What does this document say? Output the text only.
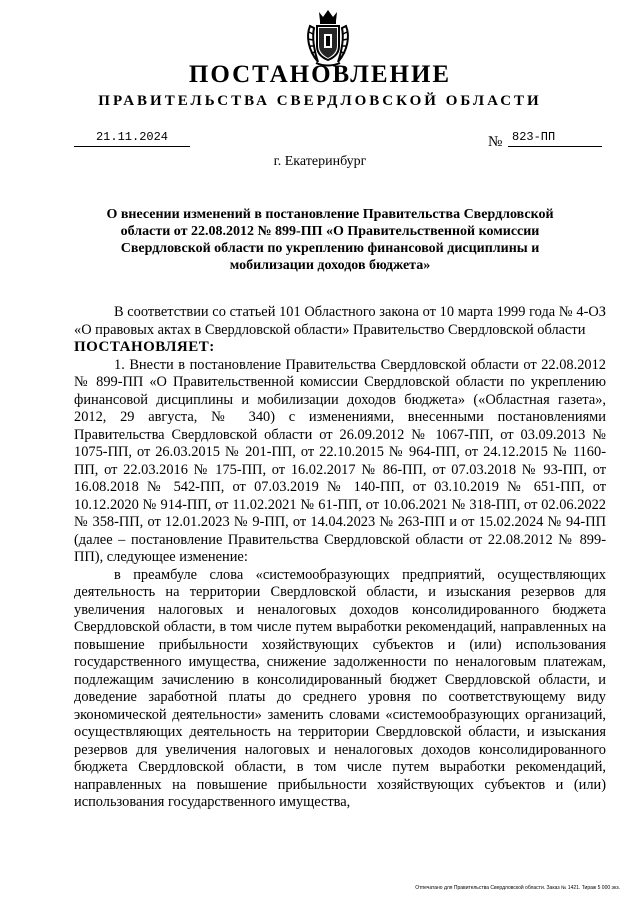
ПОСТАНОВЛЕНИЕ
ПРАВИТЕЛЬСТВА СВЕРДЛОВСКОЙ ОБЛАСТИ
21.11.2024	№ 823-ПП
г. Екатеринбург
О внесении изменений в постановление Правительства Свердловской области от 22.08.2012 № 899-ПП «О Правительственной комиссии Свердловской области по укреплению финансовой дисциплины и мобилизации доходов бюджета»

В соответствии со статьей 101 Областного закона от 10 марта 1999 года № 4-ОЗ «О правовых актах в Свердловской области» Правительство Свердловской области

ПОСТАНОВЛЯЕТ:

1. Внести в постановление Правительства Свердловской области от 22.08.2012 № 899-ПП «О Правительственной комиссии Свердловской области по укреплению финансовой дисциплины и мобилизации доходов бюджета» («Областная газета», 2012, 29 августа, № 340) с изменениями, внесенными постановлениями Правительства Свердловской области от 26.09.2012 № 1067-ПП, от 03.09.2013 № 1075-ПП, от 26.03.2015 № 201-ПП, от 22.10.2015 № 964-ПП, от 24.12.2015 № 1160-ПП, от 22.03.2016 № 175-ПП, от 16.02.2017 № 86-ПП, от 07.03.2018 № 93-ПП, от 16.08.2018 № 542-ПП, от 07.03.2019 № 140-ПП, от 03.10.2019 № 651-ПП, от 10.12.2020 № 914-ПП, от 11.02.2021 № 61-ПП, от 10.06.2021 № 318-ПП, от 02.06.2022 № 358-ПП, от 12.01.2023 № 9-ПП, от 14.04.2023 № 263-ПП и от 15.02.2024 № 94-ПП (далее – постановление Правительства Свердловской области от 22.08.2012 № 899-ПП), следующее изменение:

в преамбуле слова «системообразующих предприятий, осуществляющих деятельность на территории Свердловской области, и изыскания резервов для увеличения налоговых и неналоговых доходов консолидированного бюджета Свердловской области, в том числе путем выработки рекомендаций, направленных на повышение прибыльности хозяйствующих субъектов и (или) использования государственного имущества, снижение задолженности по неналоговым платежам, подлежащим зачислению в консолидированный бюджет Свердловской области, и доведение заработной платы до среднего уровня по соответствующему виду экономической деятельности» заменить словами «системообразующих организаций, осуществляющих деятельность на территории Свердловской области, и изыскания резервов для увеличения налоговых и неналоговых доходов консолидированного бюджета Свердловской области, в том числе путем выработки рекомендаций, направленных на повышение прибыльности хозяйствующих субъектов и (или) использования государственного имущества,

Отпечатано для Правительства Свердловской области. Заказ № 1421. Тираж 5 000 экз.
